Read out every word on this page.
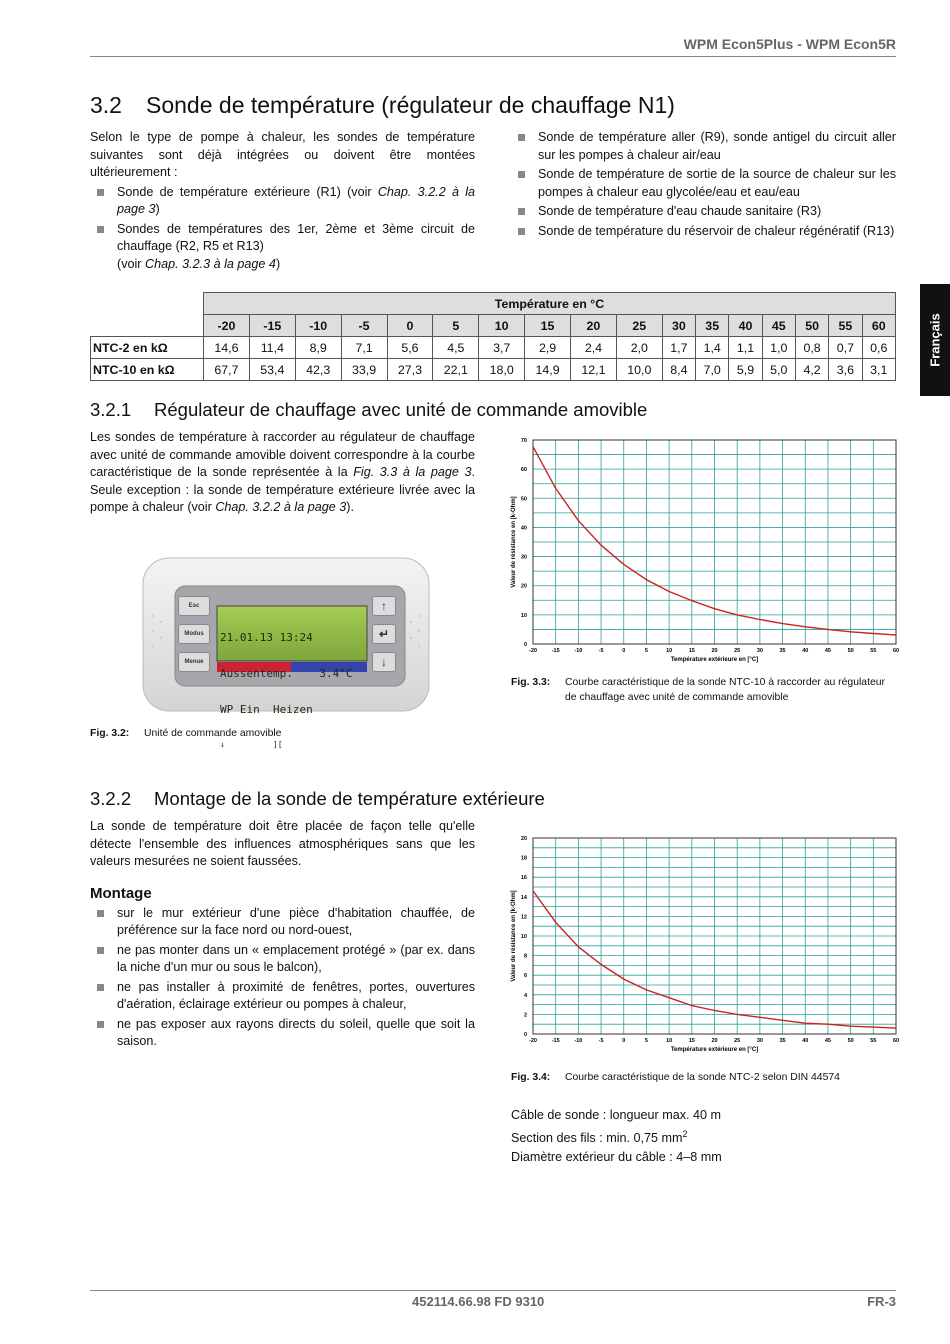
WPM Econ5Plus - WPM Econ5R
Français
3.2 Sonde de température (régulateur de chauffage N1)
Selon le type de pompe à chaleur, les sondes de température suivantes sont déjà intégrées ou doivent être montées ultérieurement :
Sonde de température extérieure (R1) (voir Chap. 3.2.2 à la page 3)
Sondes de températures des 1er, 2ème et 3ème circuit de chauffage (R2, R5 et R13)
(voir Chap. 3.2.3 à la page 4)
Sonde de température aller (R9), sonde antigel du circuit aller sur les pompes à chaleur air/eau
Sonde de température de sortie de la source de chaleur sur les pompes à chaleur eau glycolée/eau et eau/eau
Sonde de température d'eau chaude sanitaire (R3)
Sonde de température du réservoir de chaleur régénératif (R13)
	Température en °C																
	-20	-15	-10	-5	0	5	10	15	20	25	30	35	40	45	50	55	60
NTC-2 en kΩ	14,6	11,4	8,9	7,1	5,6	4,5	3,7	2,9	2,4	2,0	1,7	1,4	1,1	1,0	0,8	0,7	0,6
NTC-10 en kΩ	67,7	53,4	42,3	33,9	27,3	22,1	18,0	14,9	12,1	10,0	8,4	7,0	5,9	5,0	4,2	3,6	3,1
3.2.1 Régulateur de chauffage avec unité de commande amovible
Les sondes de température à raccorder au régulateur de chauffage avec unité de commande amovible doivent correspondre à la courbe caractéristique de la sonde représentée à la Fig. 3.3 à la page 3. Seule exception : la sonde de température extérieure livrée avec la pompe à chaleur (voir Chap. 3.2.2 à la page 3).
Esc
Modus
Menue
↑
↵
↓

21.01.13 13:24

Aussentemp.    3.4°C

WP Ein  Heizen

↓          ][

Fig. 3.2: Unité de commande amovible
0
10
20
30
40
50
60
70
-20	-15	-10	-5	0	5	10	15	20	25	30	35	40	45	50	55	60
Température extérieure en [°C]
Valeur de résistance en [k-Ohm]
Fig. 3.3:	Courbe caractéristique de la sonde NTC-10 à raccorder au régulateur de chauffage avec unité de commande amovible
3.2.2 Montage de la sonde de température extérieure
La sonde de température doit être placée de façon telle qu'elle détecte l'ensemble des influences atmosphériques sans que les valeurs mesurées ne soient faussées.
Montage
sur le mur extérieur d'une pièce d'habitation chauffée, de préférence sur la face nord ou nord-ouest,
ne pas monter dans un « emplacement protégé » (par ex. dans la niche d'un mur ou sous le balcon),
ne pas installer à proximité de fenêtres, portes, ouvertures d'aération, éclairage extérieur ou pompes à chaleur,
ne pas exposer aux rayons directs du soleil, quelle que soit la saison.	0
2
4
6
8
10
12
14
16
18
20
-20	-15	-10	-5	0	5	10	15	20	25	30	35	40	45	50	55	60
Température extérieure en [°C]
Valeur de résistance en [k-Ohm]
Fig. 3.4: Courbe caractéristique de la sonde NTC-2 selon DIN 44574
Câble de sonde : longueur max. 40 m
Section des fils : min. 0,75 $mm^2$
Diamètre extérieur du câble : 4–8 mm
452114.66.98 FD 9310	FR-3
